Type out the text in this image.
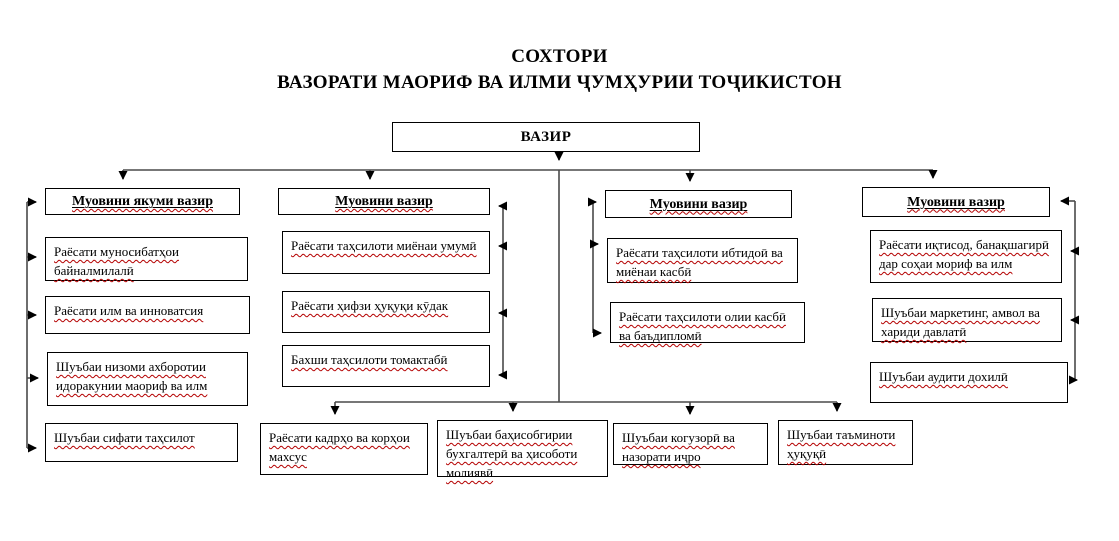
СОХТОРИ
ВАЗОРАТИ МАОРИФ ВА ИЛМИ ҶУМҲУРИИ ТОҶИКИСТОН
ВАЗИР
Муовини якуми вазир
Раёсати муносибатҳои байналмилалӣ
Раёсати илм ва инноватсия
Шуъбаи низоми ахборотии идоракунии маориф ва илм
Шуъбаи сифати таҳсилот
Муовини вазир
Раёсати таҳсилоти миёнаи умумӣ
Раёсати ҳифзи ҳуқуқи кӯдак
Бахши таҳсилоти томактабӣ
Муовини вазир
Раёсати таҳсилоти ибтидоӣ ва миёнаи касбӣ
Раёсати таҳсилоти олии касбӣ ва баъдипломӣ
Муовини вазир
Раёсати иқтисод, банақшагирӣ дар соҳаи мориф ва илм
Шуъбаи маркетинг, амвол ва хариди давлатӣ
Шуъбаи аудити дохилӣ
Раёсати кадрҳо ва корҳои махсус
Шуъбаи баҳисобгирии бухгалтерӣ ва ҳисоботи молиявӣ
Шуъбаи когузорӣ ва назорати иҷро
Шуъбаи таъминоти ҳуқуқӣ
